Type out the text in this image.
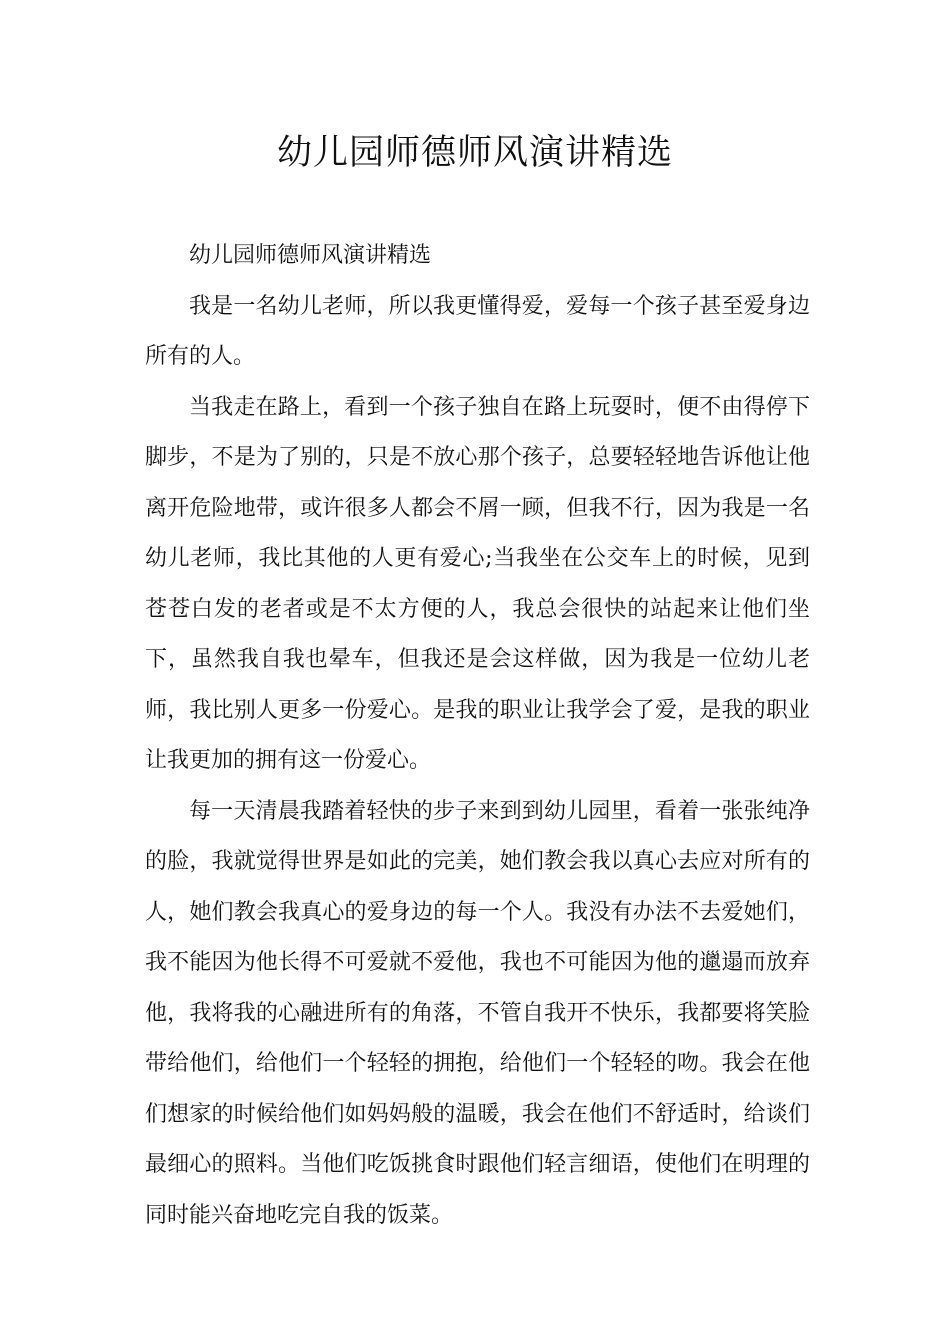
幼儿园师德师风演讲精选

幼儿园师德师风演讲精选

我是一名幼儿老师，所以我更懂得爱，爱每一个孩子甚至爱身边所有的人。

当我走在路上，看到一个孩子独自在路上玩耍时，便不由得停下脚步，不是为了别的，只是不放心那个孩子，总要轻轻地告诉他让他离开危险地带，或许很多人都会不屑一顾，但我不行，因为我是一名幼儿老师，我比其他的人更有爱心;当我坐在公交车上的时候，见到苍苍白发的老者或是不太方便的人，我总会很快的站起来让他们坐下，虽然我自我也晕车，但我还是会这样做，因为我是一位幼儿老师，我比别人更多一份爱心。是我的职业让我学会了爱，是我的职业让我更加的拥有这一份爱心。

每一天清晨我踏着轻快的步子来到到幼儿园里，看着一张张纯净的脸，我就觉得世界是如此的完美，她们教会我以真心去应对所有的人，她们教会我真心的爱身边的每一个人。我没有办法不去爱她们，我不能因为他长得不可爱就不爱他，我也不可能因为他的邋遢而放弃他，我将我的心融进所有的角落，不管自我开不快乐，我都要将笑脸带给他们，给他们一个轻轻的拥抱，给他们一个轻轻的吻。我会在他们想家的时候给他们如妈妈般的温暖，我会在他们不舒适时，给谈们最细心的照料。当他们吃饭挑食时跟他们轻言细语，使他们在明理的同时能兴奋地吃完自我的饭菜。
